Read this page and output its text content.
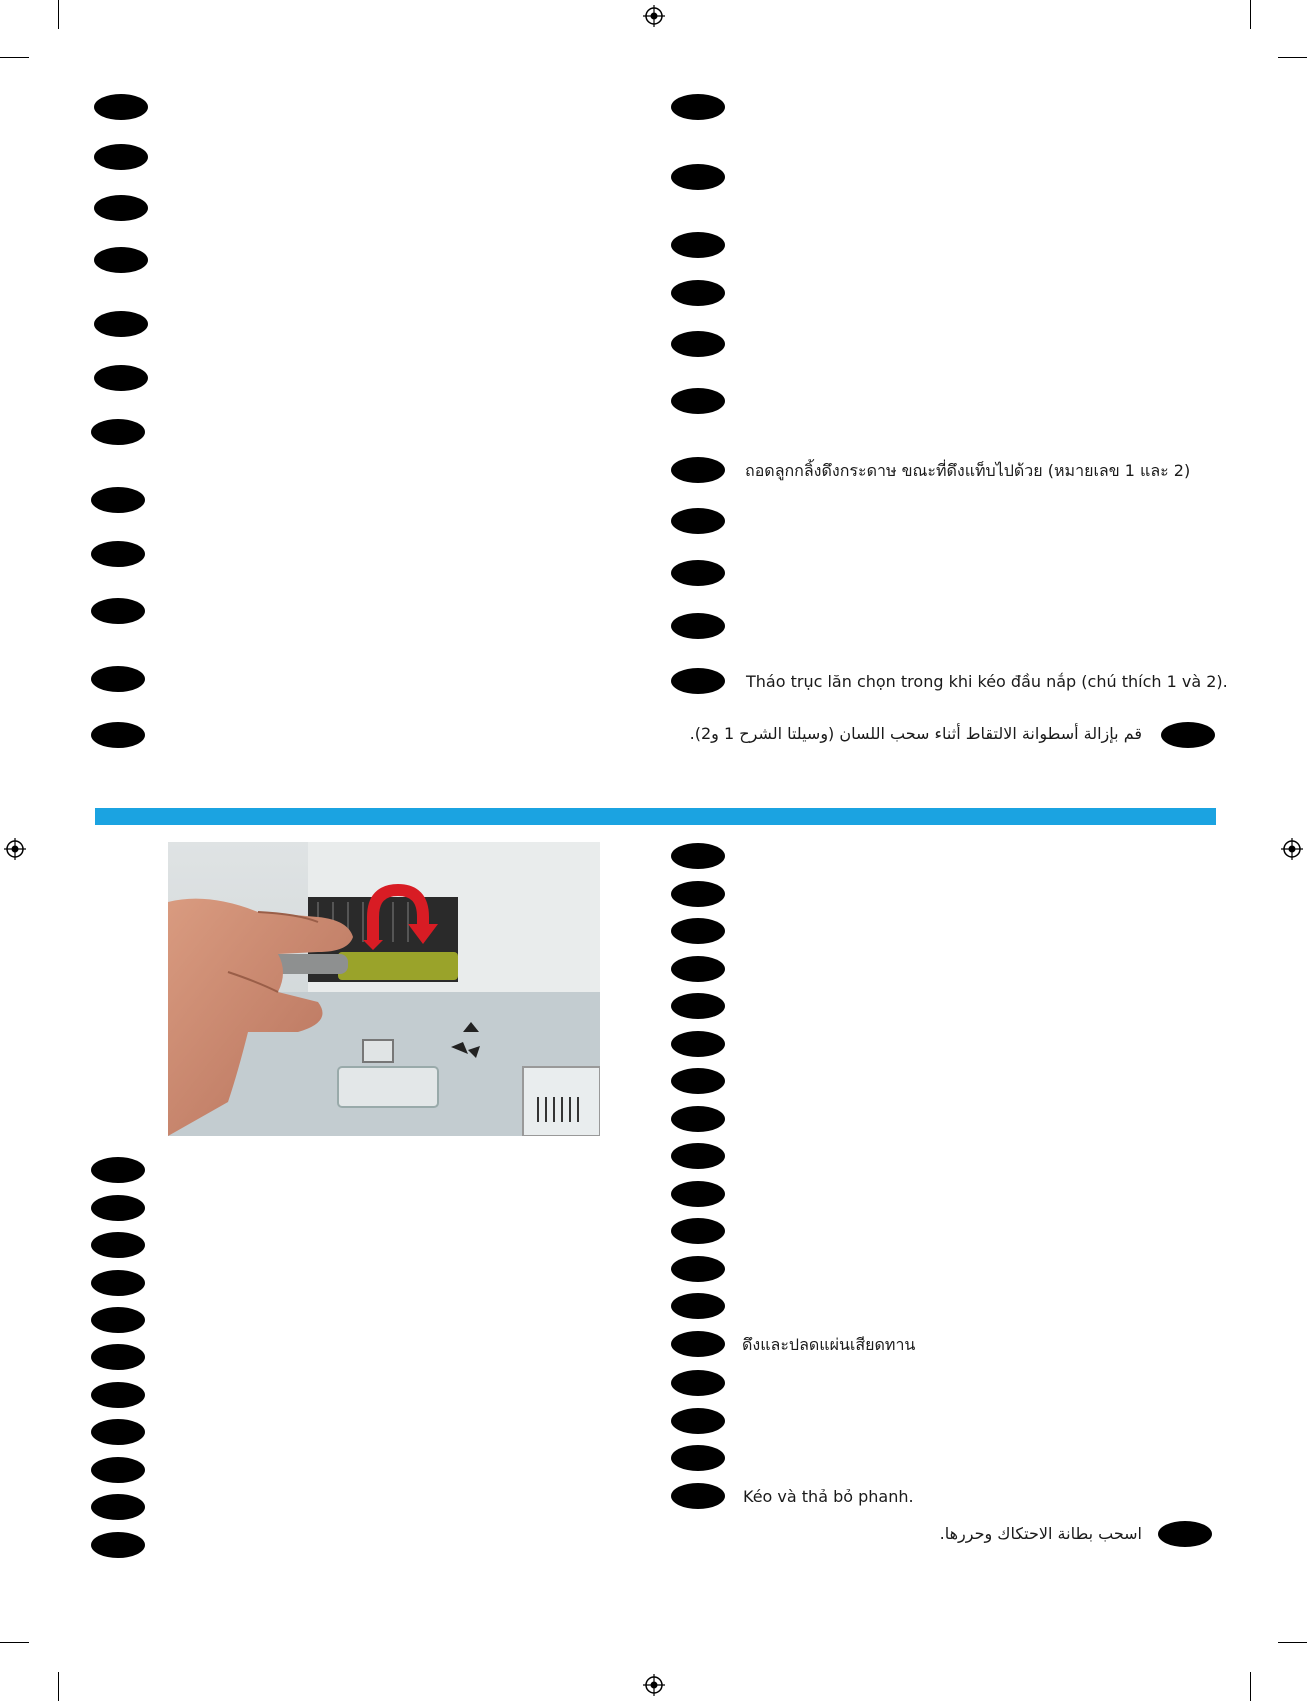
ถอดลูกกลิ้งดึงกระดาษ ขณะที่ดึงแท็บไปด้วย (หมายเลข 1 และ 2)
Tháo trục lăn chọn trong khi kéo đầu nắp (chú thích 1 và 2).
قم بإزالة أسطوانة الالتقاط أثناء سحب اللسان (وسيلتا الشرح 1 و2).
ดึงและปลดแผ่นเสียดทาน
Kéo và thả bỏ phanh.
اسحب بطانة الاحتكاك وحررها.
